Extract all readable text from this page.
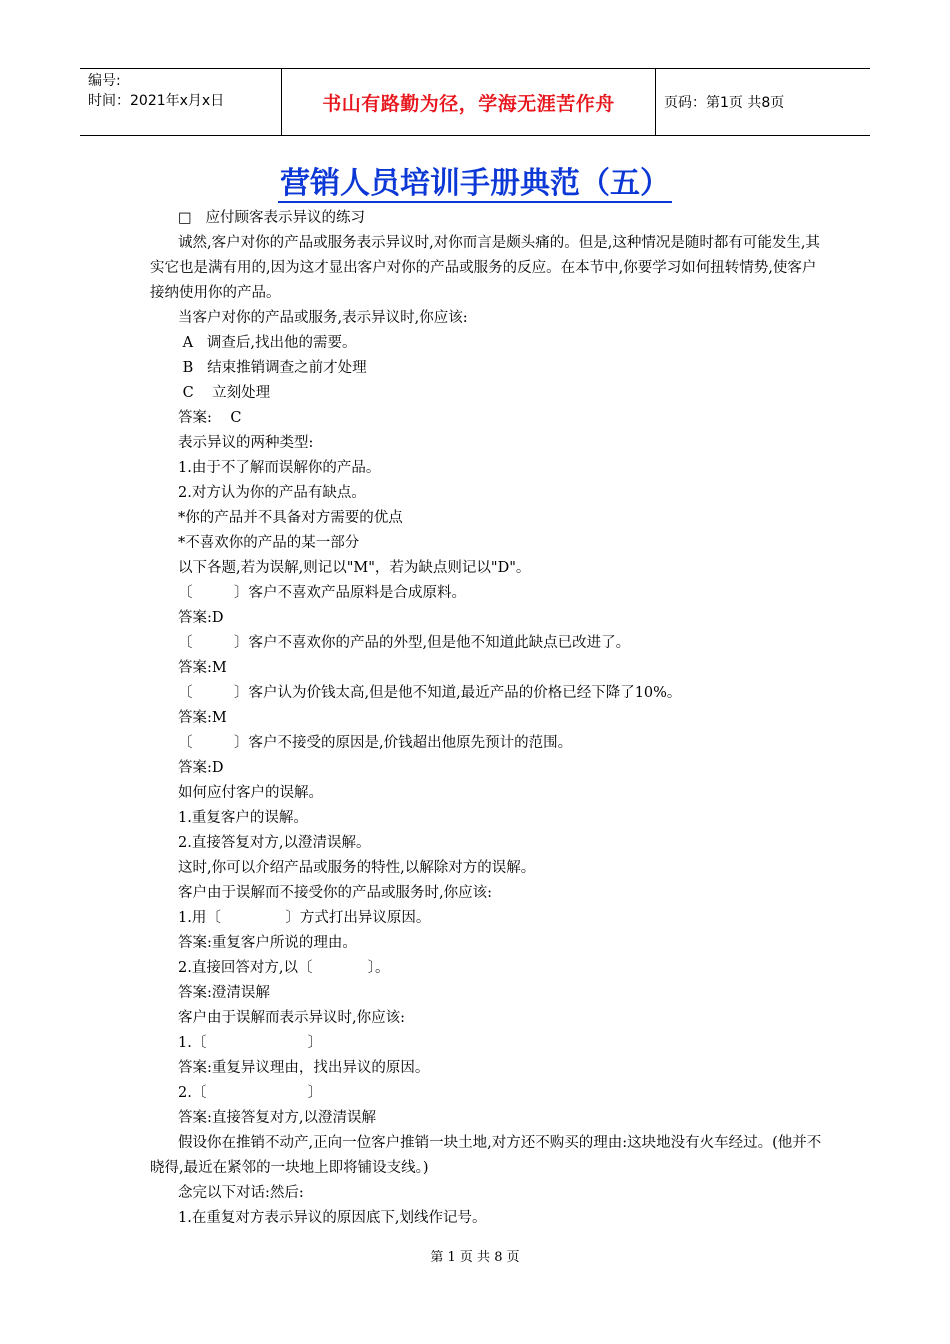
编号:
时间：2021年x月x日	书山有路勤为径，学海无涯苦作舟	页码：第1页 共8页
营销人员培训手册典范（五）

□   应付顾客表示异议的练习

诚然,客户对你的产品或服务表示异议时,对你而言是颇头痛的。但是,这种情况是随时都有可能发生,其实它也是满有用的,因为这才显出客户对你的产品或服务的反应。在本节中,你要学习如何扭转情势,使客户接纳使用你的产品。

当客户对你的产品或服务,表示异议时,你应该:

A   调查后,找出他的需要。

B   结束推销调查之前才处理

C    立刻处理

答案:    C

表示异议的两种类型:

1.由于不了解而误解你的产品。

2.对方认为你的产品有缺点。

*你的产品并不具备对方需要的优点

*不喜欢你的产品的某一部分

以下各题,若为误解,则记以"M"，若为缺点则记以"D"。

〔         〕客户不喜欢产品原料是合成原料。

答案:D

〔         〕客户不喜欢你的产品的外型,但是他不知道此缺点已改进了。

答案:M

〔         〕客户认为价钱太高,但是他不知道,最近产品的价格已经下降了10%。

答案:M

〔         〕客户不接受的原因是,价钱超出他原先预计的范围。

答案:D

如何应付客户的误解。

1.重复客户的误解。

2.直接答复对方,以澄清误解。

这时,你可以介绍产品或服务的特性,以解除对方的误解。

客户由于误解而不接受你的产品或服务时,你应该:

1.用〔              〕方式打出异议原因。

答案:重复客户所说的理由。

2.直接回答对方,以〔            〕。

答案:澄清误解

客户由于误解而表示异议时,你应该:

1.〔                      〕

答案:重复异议理由，找出异议的原因。

2.〔                      〕

答案:直接答复对方,以澄清误解

假设你在推销不动产,正向一位客户推销一块土地,对方还不购买的理由:这块地没有火车经过。(他并不晓得,最近在紧邻的一块地上即将铺设支线。)

念完以下对话:然后:

1.在重复对方表示异议的原因底下,划线作记号。

第 1 页 共 8 页
